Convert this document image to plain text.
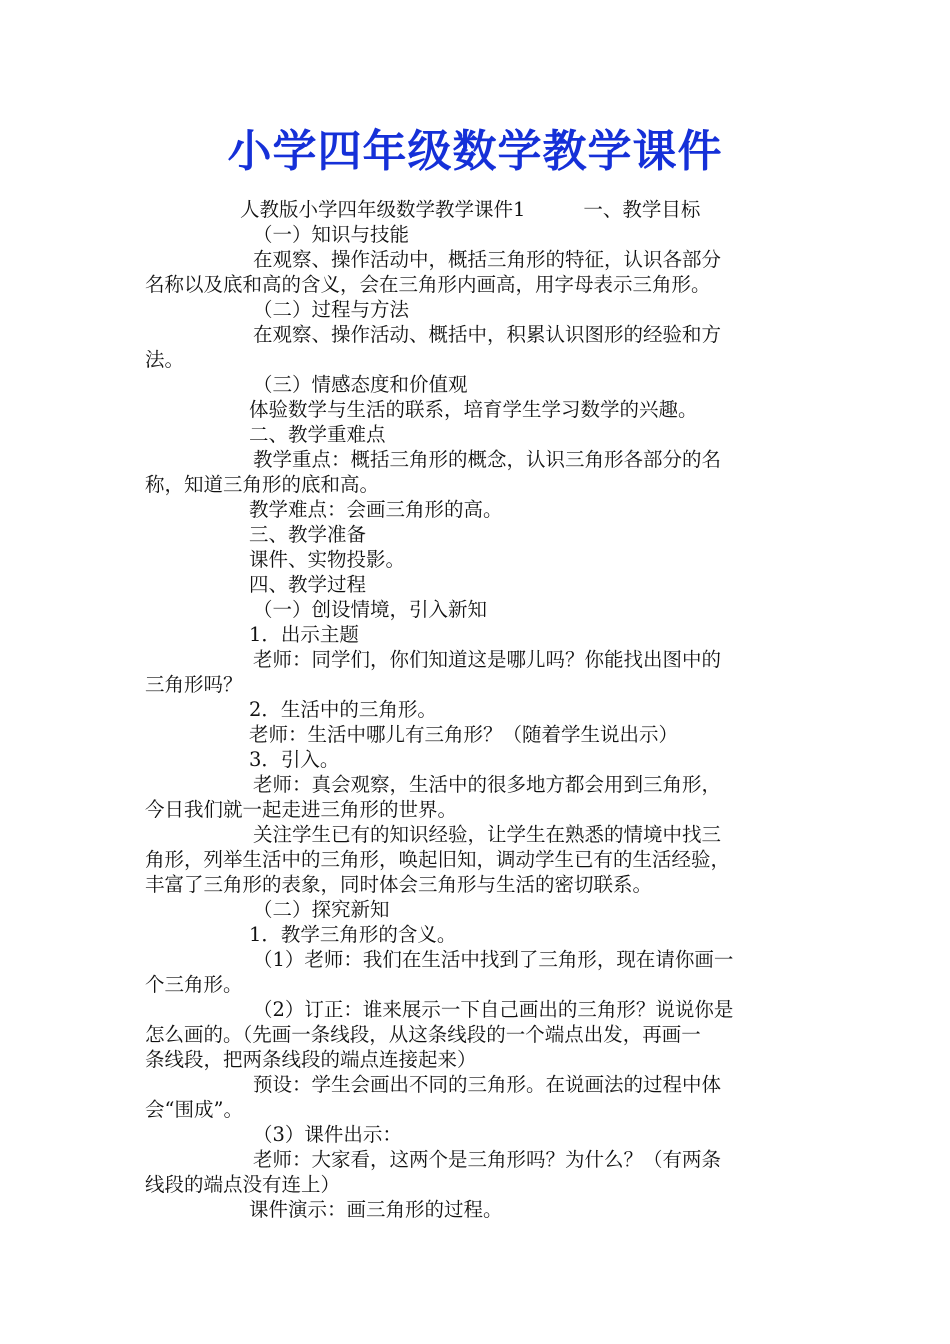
小学四年级数学教学课件

人教版小学四年级数学教学课件1	一、教学目标

（一）知识与技能

在观察、操作活动中，概括三角形的特征，认识各部分

名称以及底和高的含义，会在三角形内画高，用字母表示三角形。

（二）过程与方法

在观察、操作活动、概括中，积累认识图形的经验和方

法。

（三）情感态度和价值观

体验数学与生活的联系，培育学生学习数学的兴趣。

二、教学重难点

教学重点：概括三角形的概念，认识三角形各部分的名

称，知道三角形的底和高。

教学难点：会画三角形的高。

三、教学准备

课件、实物投影。

四、教学过程

（一）创设情境，引入新知

1．出示主题

老师：同学们，你们知道这是哪儿吗？你能找出图中的

三角形吗？

2．生活中的三角形。

老师：生活中哪儿有三角形？（随着学生说出示）

3．引入。

老师：真会观察，生活中的很多地方都会用到三角形，

今日我们就一起走进三角形的世界。

关注学生已有的知识经验，让学生在熟悉的情境中找三

角形，列举生活中的三角形，唤起旧知，调动学生已有的生活经验，

丰富了三角形的表象，同时体会三角形与生活的密切联系。

（二）探究新知

1．教学三角形的含义。

（1）老师：我们在生活中找到了三角形，现在请你画一

个三角形。

（2）订正：谁来展示一下自己画出的三角形？说说你是

怎么画的。（先画一条线段，从这条线段的一个端点出发，再画一

条线段，把两条线段的端点连接起来）

预设：学生会画出不同的三角形。在说画法的过程中体

会“围成”。

（3）课件出示：

老师：大家看，这两个是三角形吗？为什么？（有两条

线段的端点没有连上）

课件演示：画三角形的过程。
